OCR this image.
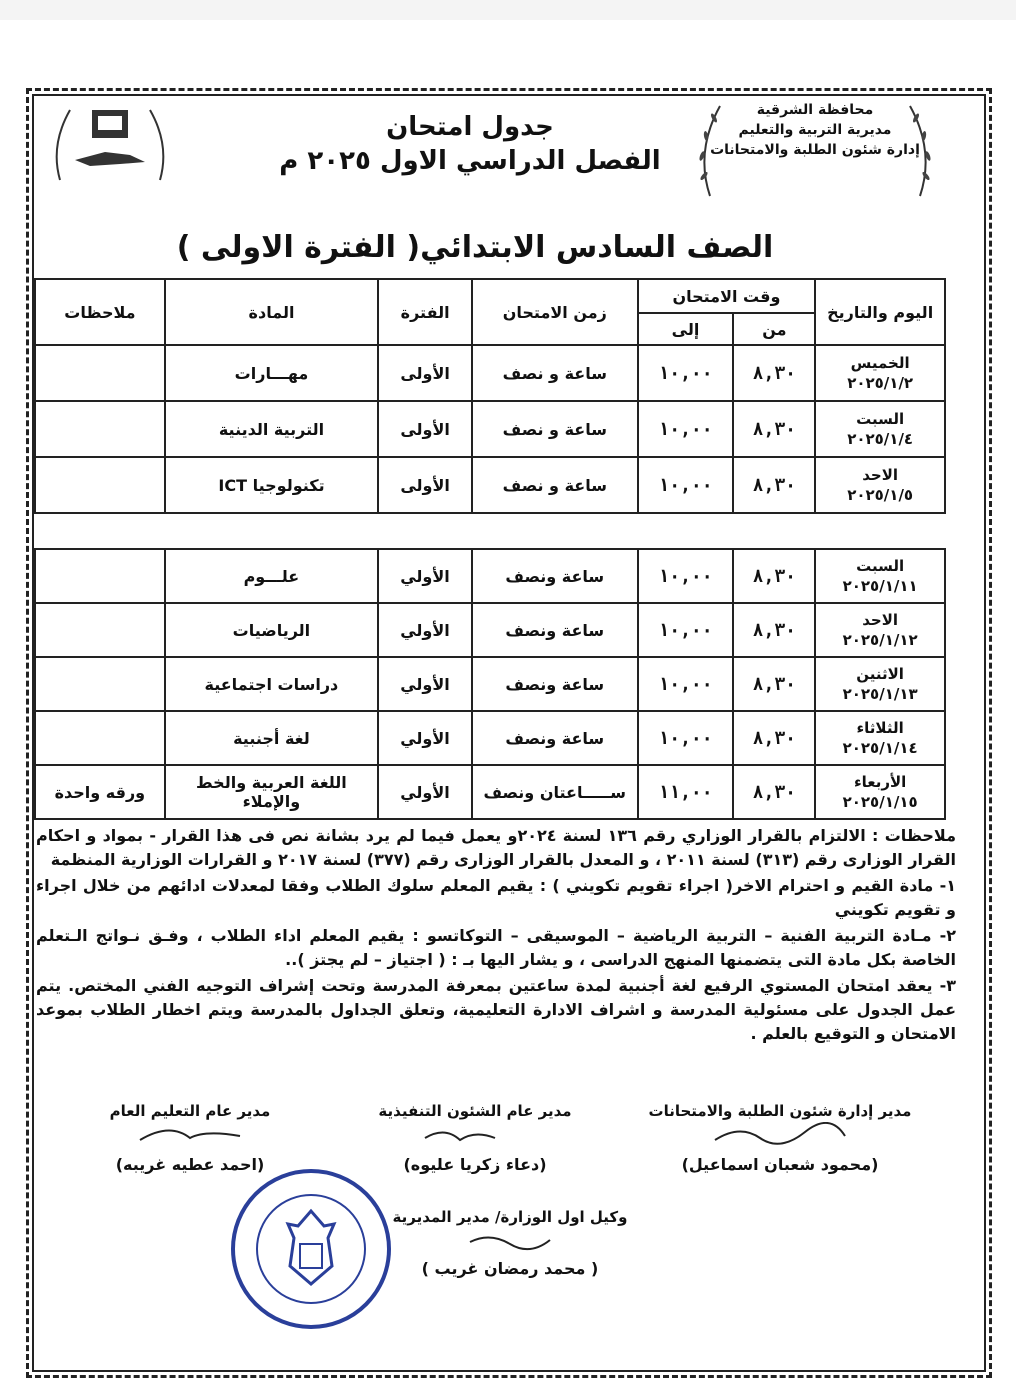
محافظة الشرقية
مديرية التربية والتعليم
إدارة شئون الطلبة والامتحانات
جدول امتحان
الفصل الدراسي الاول ٢٠٢٥ م
الصف السادس الابتدائي( الفترة الاولى )
اليوم والتاريخ	وقت الامتحان		زمن الامتحان	الفترة	المادة	ملاحظات
	من	إلى				

الخميس
٢٠٢٥/١/٢	٨,٣٠	١٠,٠٠	ساعة و نصف	الأولى	مهـــارات	

السبت
٢٠٢٥/١/٤	٨,٣٠	١٠,٠٠	ساعة و نصف	الأولى	التربية الدينية	

الاحد
٢٠٢٥/١/٥	٨,٣٠	١٠,٠٠	ساعة و نصف	الأولى	تكنولوجيا ICT	
السبت
٢٠٢٥/١/١١	٨,٣٠	١٠,٠٠	ساعة ونصف	الأولي	علـــوم	

الاحد
٢٠٢٥/١/١٢	٨,٣٠	١٠,٠٠	ساعة ونصف	الأولي	الرياضيات	

الاثنين
٢٠٢٥/١/١٣	٨,٣٠	١٠,٠٠	ساعة ونصف	الأولي	دراسات اجتماعية	

الثلاثاء
٢٠٢٥/١/١٤	٨,٣٠	١٠,٠٠	ساعة ونصف	الأولي	لغة أجنبية	

الأربعاء
٢٠٢٥/١/١٥	٨,٣٠	١١,٠٠	ســـــاعتان ونصف	الأولي	اللغة العربية والخط والإملاء	ورقه واحدة

ملاحظات : الالتزام بالقرار الوزاري رقم ١٣٦ لسنة ٢٠٢٤و يعمل فيما لم يرد بشانة نص فى هذا القرار - بمواد و احكام القرار الوزارى رقم (٣١٣) لسنة ٢٠١١ ، و المعدل بالقرار الوزارى رقم (٣٧٧) لسنة ٢٠١٧ و القرارات الوزارية المنظمة

١- مادة القيم و احترام الاخر( اجراء تقويم تكويني ) : يقيم المعلم سلوك الطلاب وفقا لمعدلات ادائهم من خلال اجراء و تقويم تكويني

٢- مـادة التربية الفنية – التربية الرياضية – الموسيقى – التوكاتسو : يقيم المعلم اداء الطلاب ، وفـق نـواتج الـتعلم الخاصة بكل مادة التى يتضمنها المنهج الدراسى ، و يشار اليها بـ : ( اجتياز – لم يجتز )..

٣- يعقد امتحان المستوي الرفيع لغة أجنبية لمدة ساعتين بمعرفة المدرسة وتحت إشراف التوجيه الفني المختص. يتم عمل الجدول على مسئولية المدرسة و اشراف الادارة التعليمية، وتعلق الجداول بالمدرسة ويتم اخطار الطلاب بموعد الامتحان و التوقيع بالعلم .

مدير إدارة شئون الطلبة والامتحانات
(محمود شعبان اسماعيل)
مدير عام الشئون التنفيذية
(دعاء زكريا عليوه)
مدير عام التعليم العام
(احمد عطيه غريبه)
وكيل اول الوزارة/ مدير المديرية
( محمد رمضان غريب )
